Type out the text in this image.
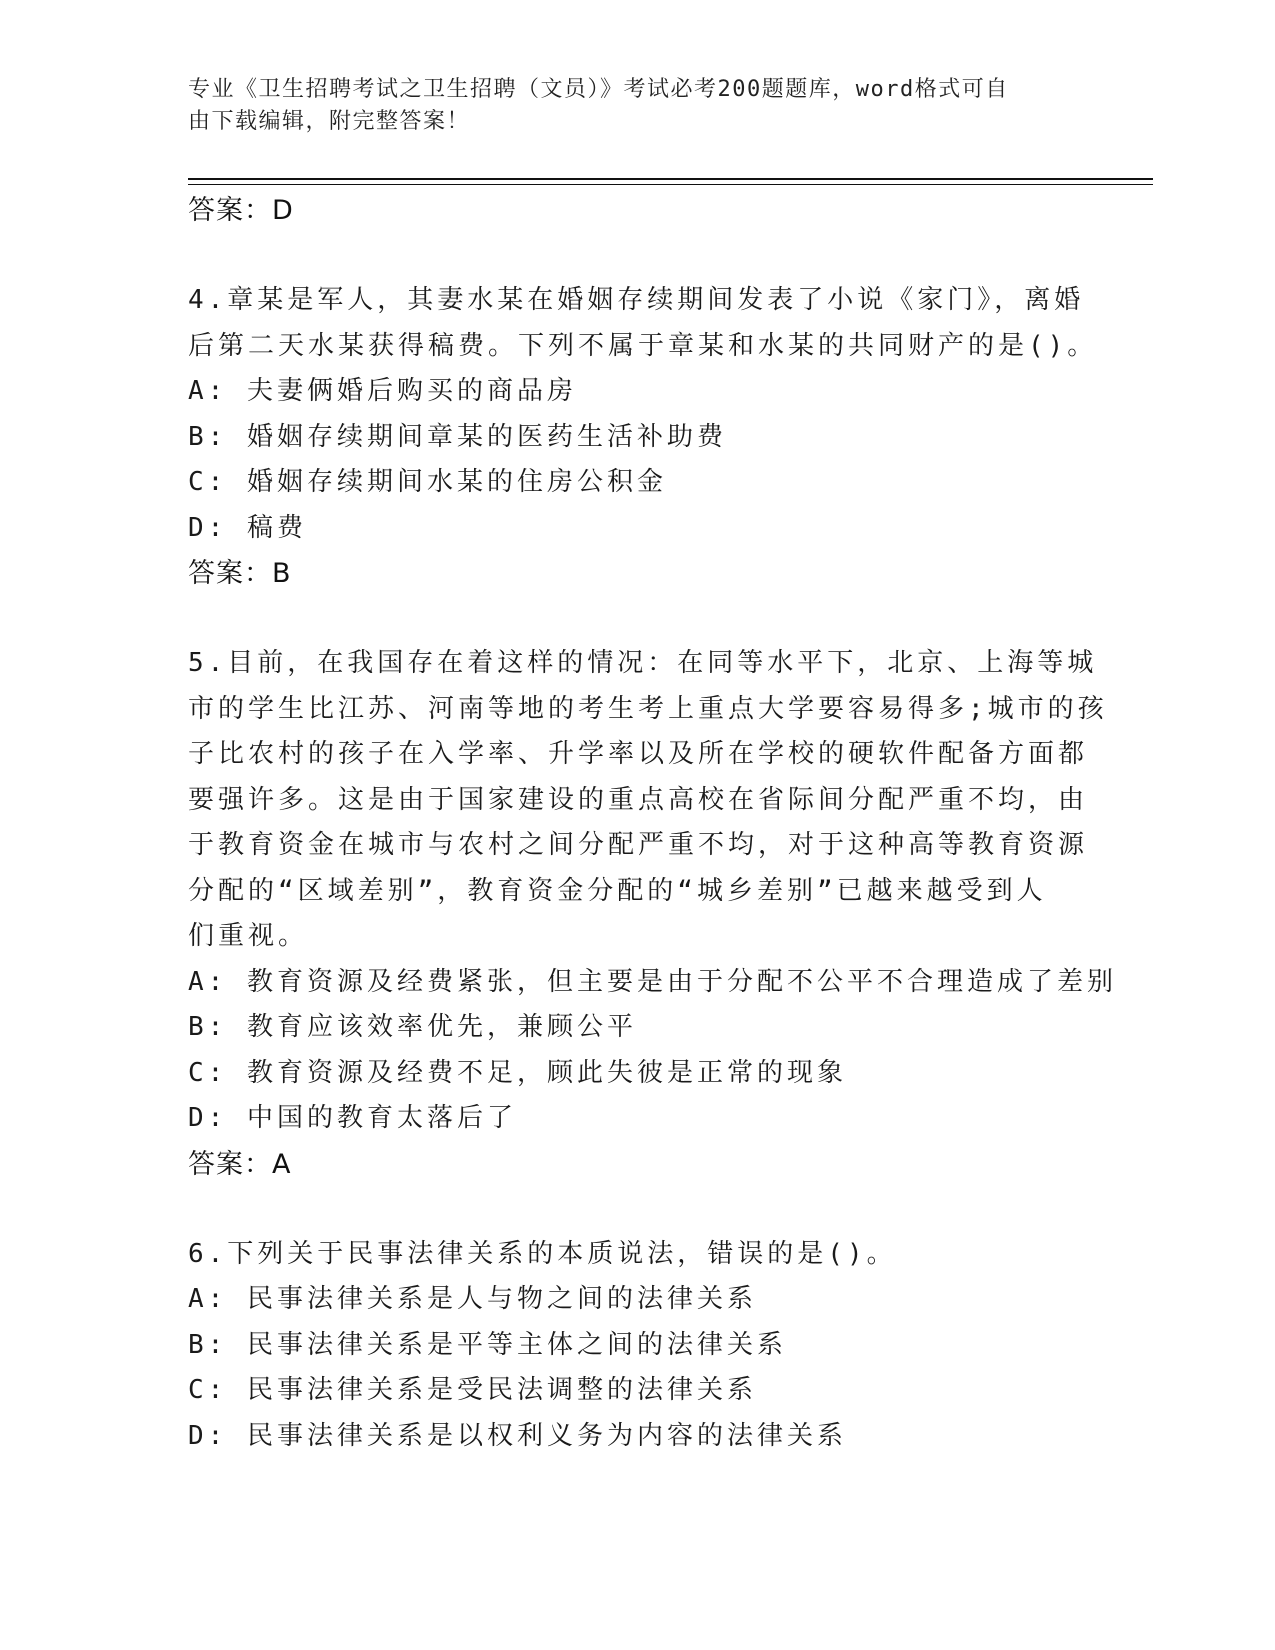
专业《卫生招聘考试之卫生招聘（文员）》考试必考200题题库，word格式可自
由下载编辑，附完整答案！
答案：D
4.章某是军人，其妻水某在婚姻存续期间发表了小说《家门》，离婚
后第二天水某获得稿费。下列不属于章某和水某的共同财产的是()。
A: 夫妻俩婚后购买的商品房
B: 婚姻存续期间章某的医药生活补助费
C: 婚姻存续期间水某的住房公积金
D: 稿费
答案：B
5.目前，在我国存在着这样的情况：在同等水平下，北京、上海等城
市的学生比江苏、河南等地的考生考上重点大学要容易得多;城市的孩
子比农村的孩子在入学率、升学率以及所在学校的硬软件配备方面都
要强许多。这是由于国家建设的重点高校在省际间分配严重不均，由
于教育资金在城市与农村之间分配严重不均，对于这种高等教育资源
分配的“区域差别”，教育资金分配的“城乡差别”已越来越受到人
们重视。
A: 教育资源及经费紧张，但主要是由于分配不公平不合理造成了差别
B: 教育应该效率优先，兼顾公平
C: 教育资源及经费不足，顾此失彼是正常的现象
D: 中国的教育太落后了
答案：A
6.下列关于民事法律关系的本质说法，错误的是()。
A: 民事法律关系是人与物之间的法律关系
B: 民事法律关系是平等主体之间的法律关系
C: 民事法律关系是受民法调整的法律关系
D: 民事法律关系是以权利义务为内容的法律关系
